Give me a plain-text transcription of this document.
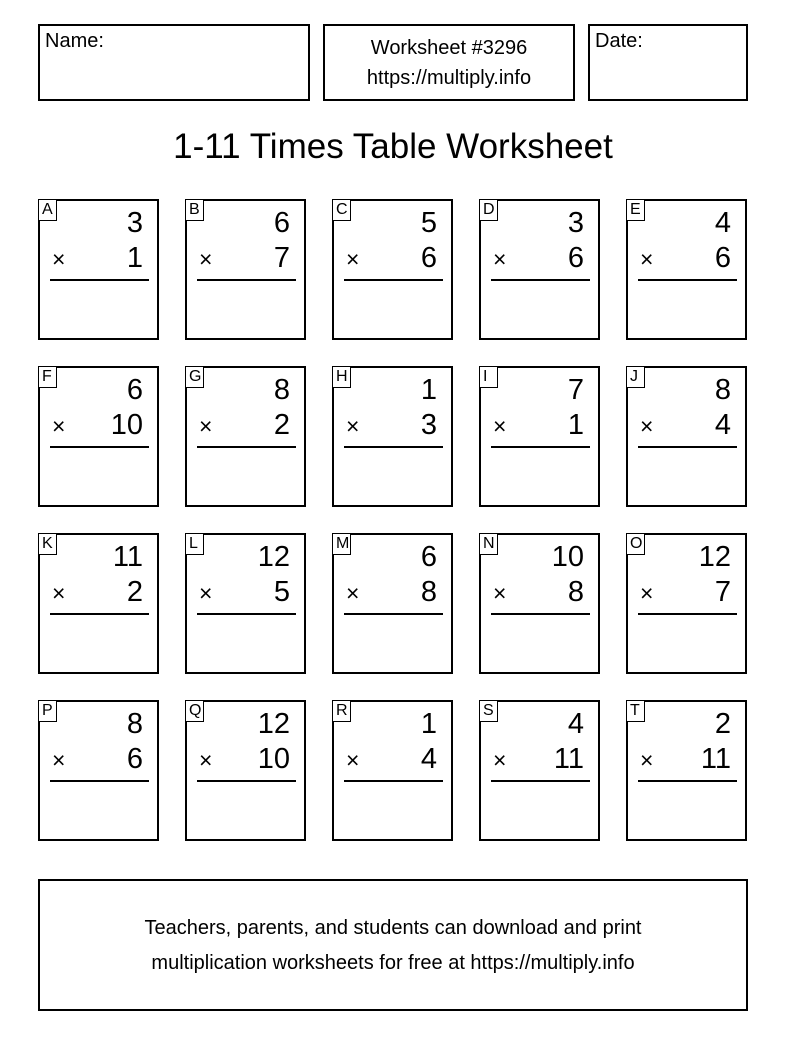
Name:	Worksheet #3296
https://multiply.info
Date:
1-11 Times Table Worksheet
A	3
× 1
B	6
× 7
C	5
× 6
D	3
× 6
E	4
× 6
F	6
× 10
G 8
× 2
H	1
× 3
I	7
× 1
J	8
× 4
K 11
× 2
L 12
× 5
M 6
× 8
N 10
× 8
O 12
× 7
P	8
× 6
Q 12
× 10
R	1
× 4
S	4
× 11
T	2
× 11
Teachers, parents, and students can download and print
multiplication worksheets for free at https://multiply.info
